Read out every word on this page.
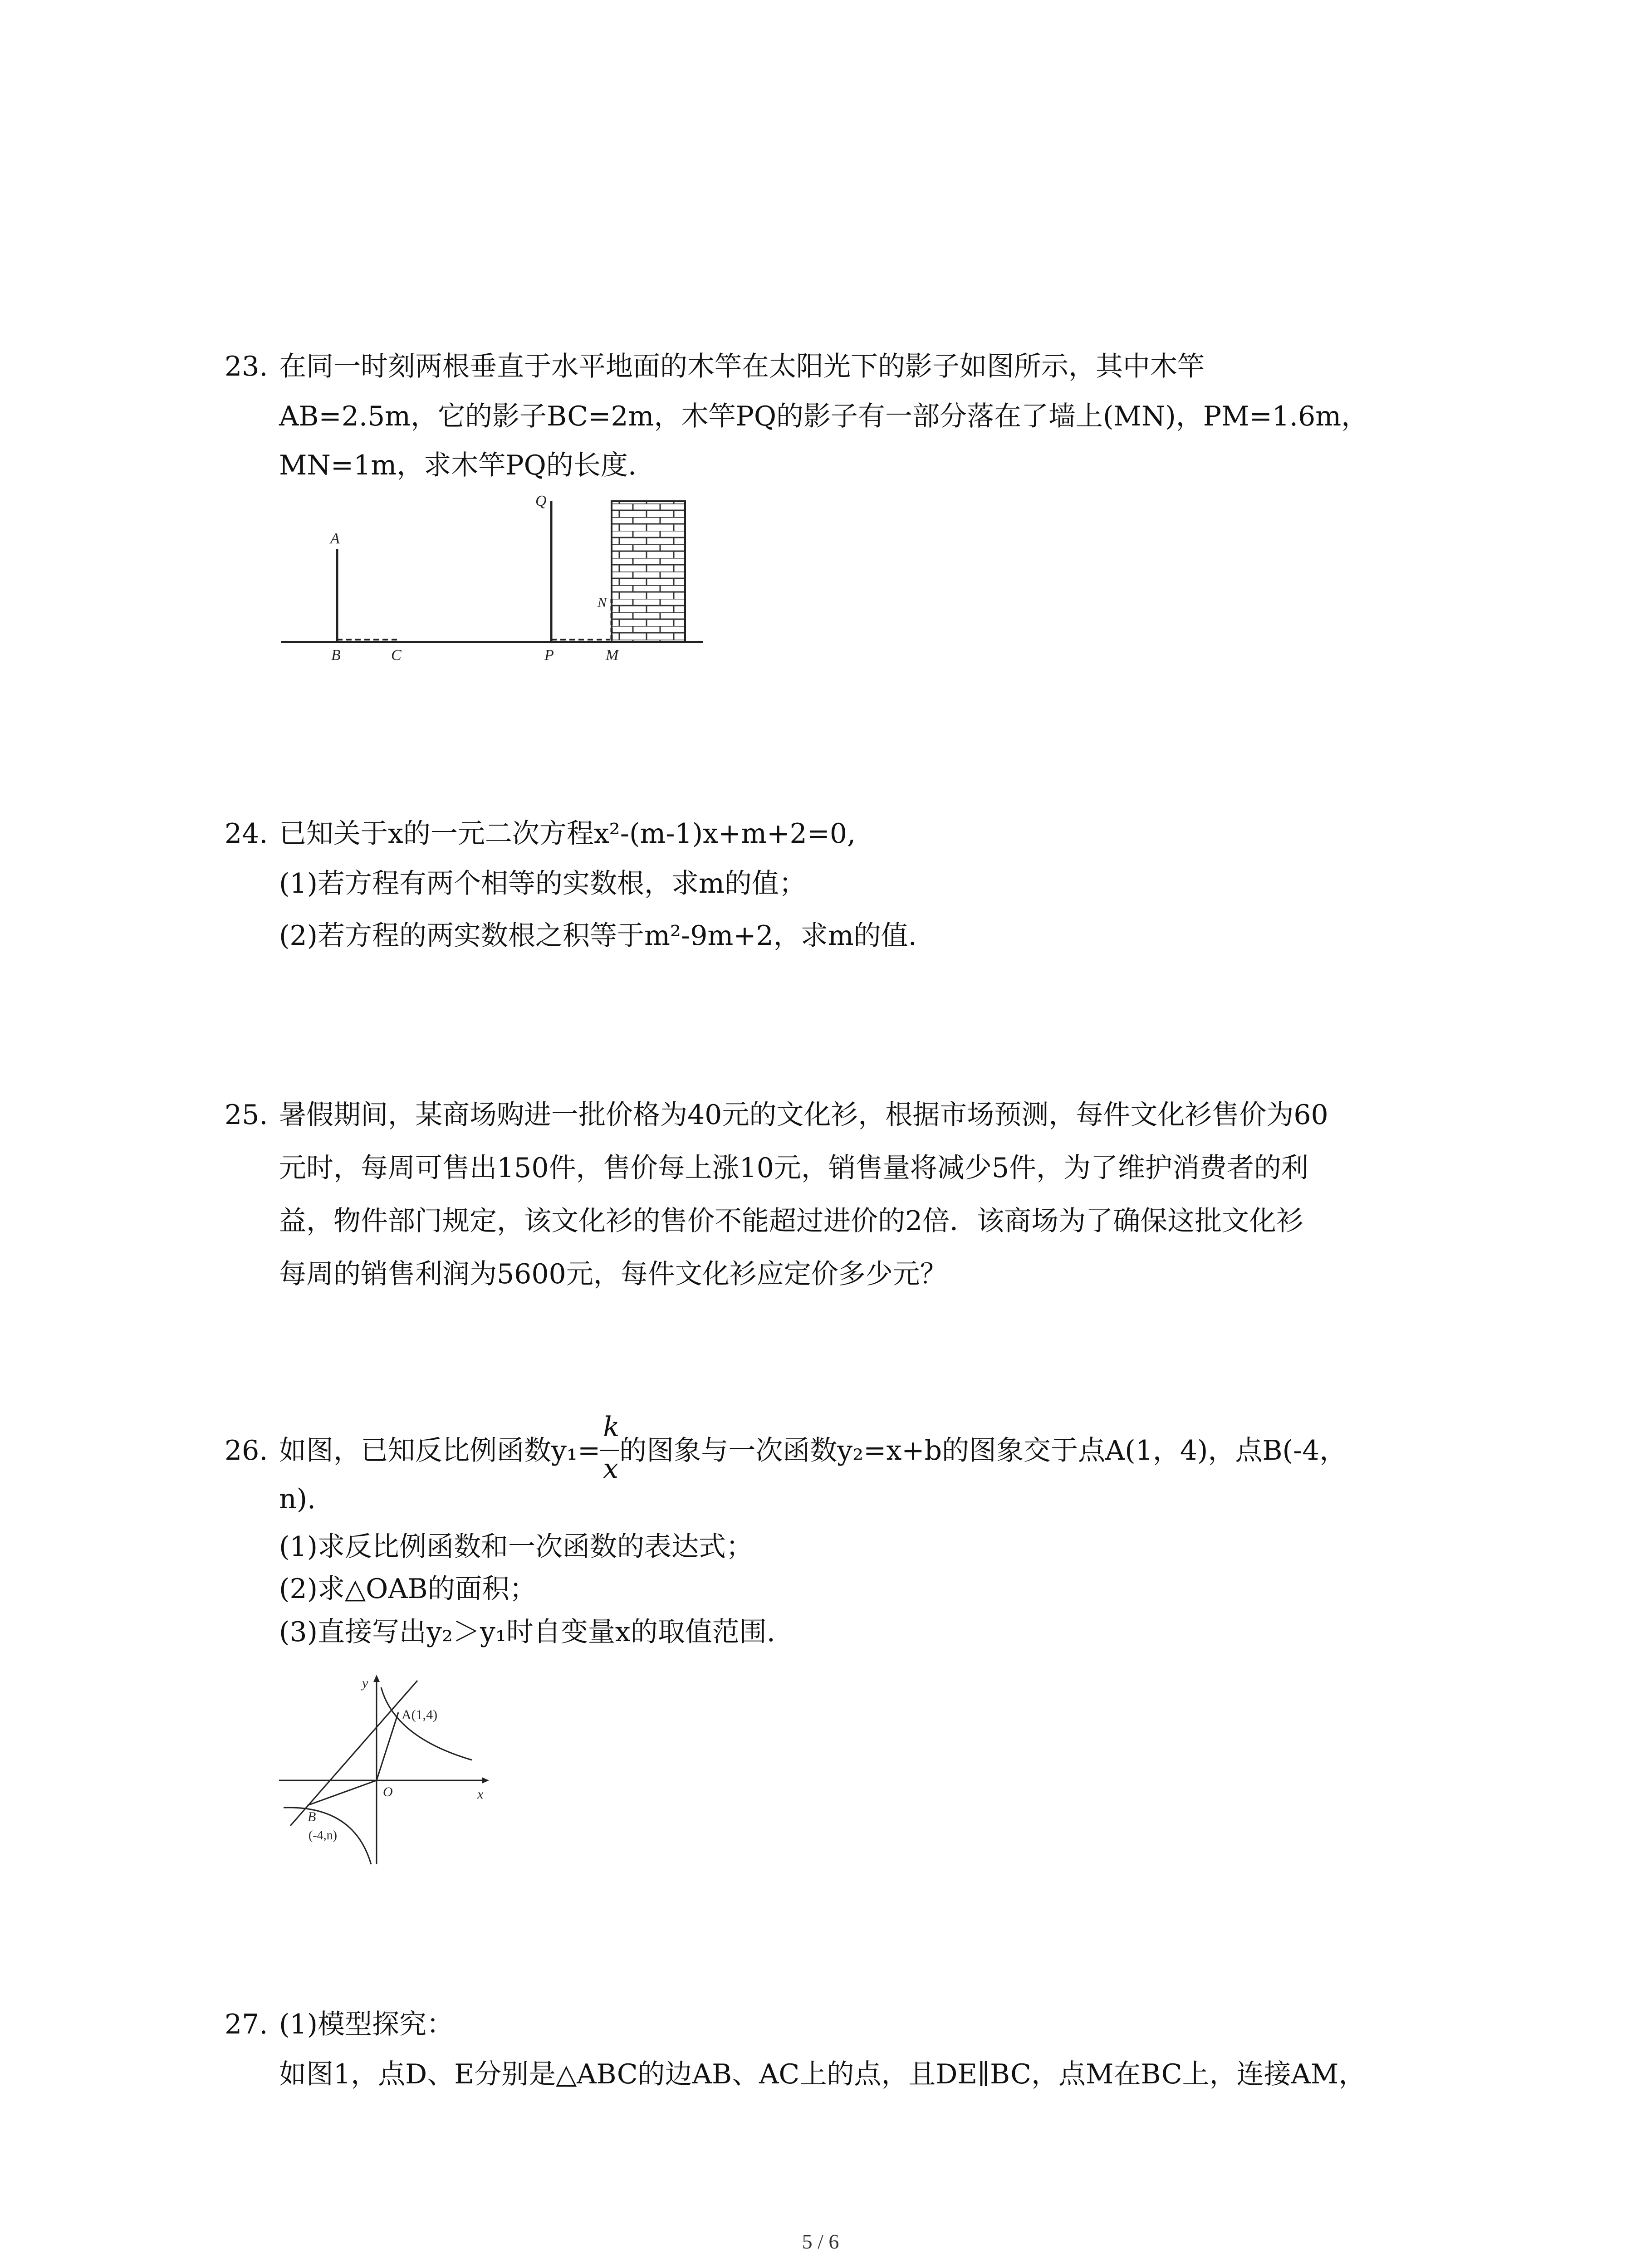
23. 在同一时刻两根垂直于水平地面的木竿在太阳光下的影子如图所示，其中木竿
AB=2.5m，它的影子BC=2m，木竿PQ的影子有一部分落在了墙上(MN)，PM=1.6m，
MN=1m，求木竿PQ的长度.
A
B	C
Q
P	M
N
24. 已知关于x的一元二次方程x²-(m-1)x+m+2=0,
(1)若方程有两个相等的实数根，求m的值；
(2)若方程的两实数根之积等于m²-9m+2，求m的值.
25. 暑假期间，某商场购进一批价格为40元的文化衫，根据市场预测，每件文化衫售价为60
元时，每周可售出150件，售价每上涨10元，销售量将减少5件，为了维护消费者的利
益，物件部门规定，该文化衫的售价不能超过进价的2倍．该商场为了确保这批文化衫
每周的销售利润为5600元，每件文化衫应定价多少元？
26. 如图，已知反比例函数$y_1= \frac{k}{x}$ 的图象与一次函数y₂=x+b的图象交于点A(1，4)，点B(-4，
n).
(1)求反比例函数和一次函数的表达式；
(2)求△OAB的面积；
(3)直接写出y₂＞y₁时自变量x的取值范围.
y
x
O
A(1,4)
B
(-4,n)
27. (1)模型探究：
如图1，点D、E分别是△ABC的边AB、AC上的点，且DE∥BC，点M在BC上，连接AM，
5 / 6
